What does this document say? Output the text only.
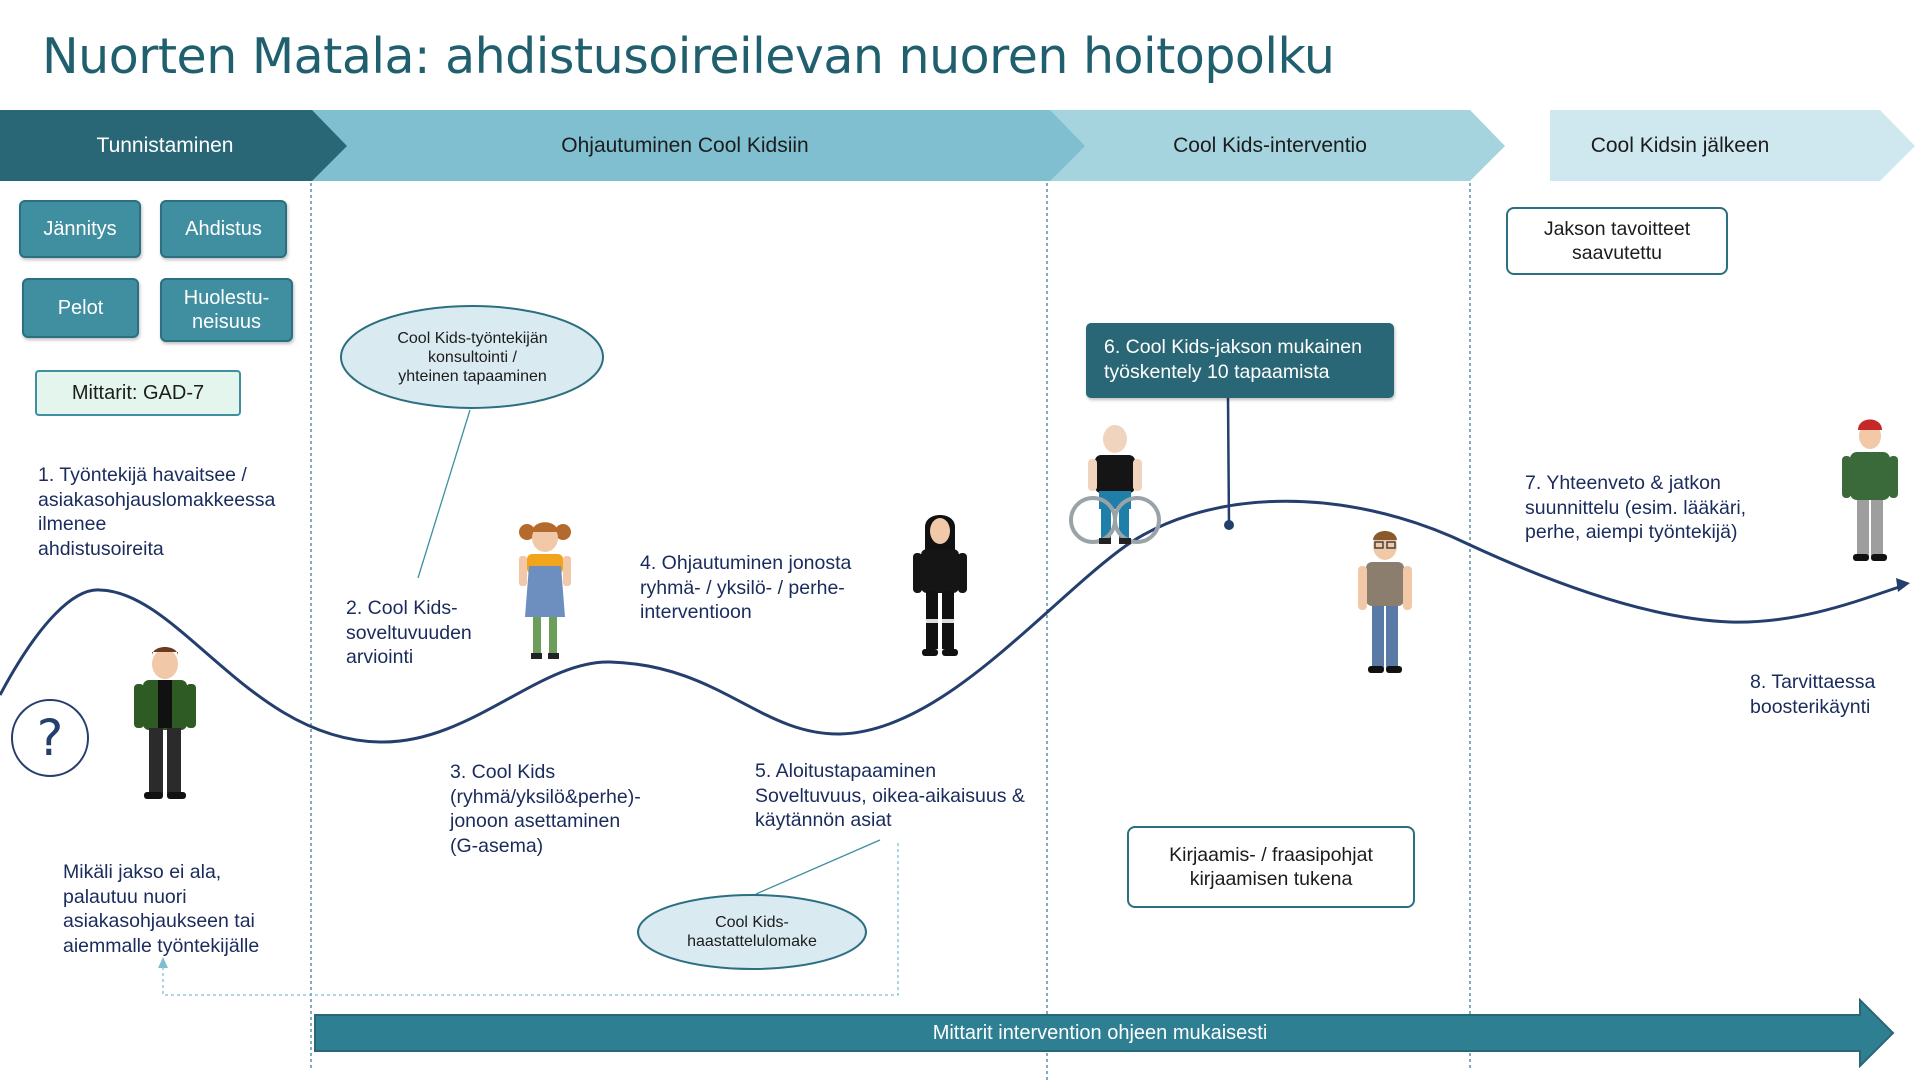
Nuorten Matala: ahdistusoireilevan nuoren hoitopolku
Tunnistaminen	Ohjautuminen Cool Kidsiin	Cool Kids-interventio	Cool Kidsin jälkeen
Jännitys	Ahdistus
Pelot	Huolestu-
neisuus
Mittarit: GAD-7
?
1. Työntekijä havaitsee /
asiakasohjauslomakkeessa
ilmenee
ahdistusoireita
2. Cool Kids-
soveltuvuuden
arviointi
3. Cool Kids
(ryhmä/yksilö&perhe)-
jonoon asettaminen
(G-asema)
4. Ohjautuminen jonosta
ryhmä- / yksilö- / perhe-
interventioon
5. Aloitustapaaminen
Soveltuvuus, oikea-aikaisuus &
käytännön asiat
7. Yhteenveto & jatkon
suunnittelu (esim. lääkäri,
perhe, aiempi työntekijä)
8. Tarvittaessa
boosterikäynti
Mikäli jakso ei ala,
palautuu nuori
asiakasohjaukseen tai
aiemmalle työntekijälle
6. Cool Kids-jakson mukainen
työskentely 10 tapaamista
Jakson tavoitteet
saavutettu
Kirjaamis- / fraasipohjat
kirjaamisen tukena
Cool Kids-työntekijän
konsultointi /
yhteinen tapaaminen
Cool Kids-
haastattelulomake
Mittarit intervention ohjeen mukaisesti
